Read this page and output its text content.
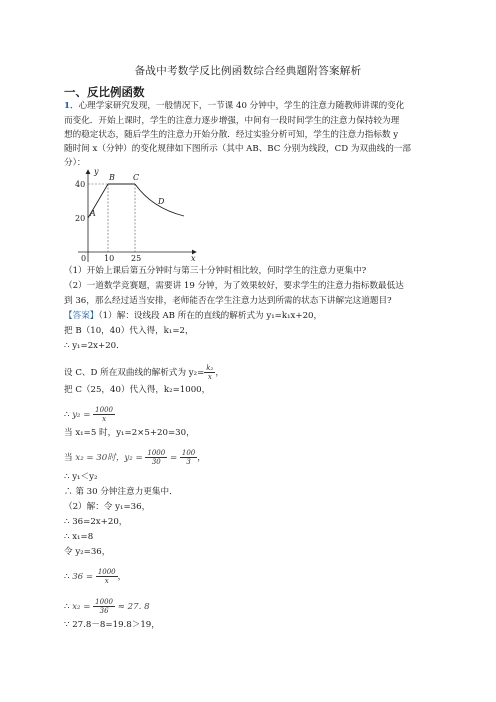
备战中考数学反比例函数综合经典题附答案解析
一、反比例函数
1．心理学家研究发现，一般情况下，一节课 40 分钟中，学生的注意力随教师讲课的变化
而变化．开始上课时，学生的注意力逐步增强，中间有一段时间学生的注意力保持较为理
想的稳定状态，随后学生的注意力开始分散．经过实验分析可知，学生的注意力指标数 y
随时间 x（分钟）的变化规律如下图所示（其中 AB、BC 分别为线段，CD 为双曲线的一部
分）：
y
40
20
0 10 25	x
A
B C
D
（1）开始上课后第五分钟时与第三十分钟时相比较，何时学生的注意力更集中?
（2）一道数学竞赛题，需要讲 19 分钟，为了效果较好，要求学生的注意力指标数最低达
到 36，那么经过适当安排，老师能否在学生注意力达到所需的状态下讲解完这道题目?
【答案】（1）解：设线段 AB 所在的直线的解析式为 y₁=k₁x+20，
把 B（10，40）代入得，k₁=2，
∴ y₁=2x+20．
设 C、D 所在双曲线的解析式为 $y_2= \frac{\text{k₂}}{x}$ ，
把 C（25，40）代入得，k₂=1000，
∴ $y_2 = \frac{1000}{x}$
当 x₁=5 时，y₁=2×5+20=30，
当 x₂ = 30时，$y_2 = \frac{1000}{30} = \frac{100}{3}$ ，
∴ y₁＜y₂
∴ 第 30 分钟注意力更集中．
（2）解：令 y₁=36，
∴ 36=2x+20，
∴ x₁=8
令 y₂=36，
∴ $36 = \frac{1000}{x}$ ，
∴ $x_2 = \frac{1000}{36} \approx 27$. 8
∵ 27.8－8=19.8＞19，
